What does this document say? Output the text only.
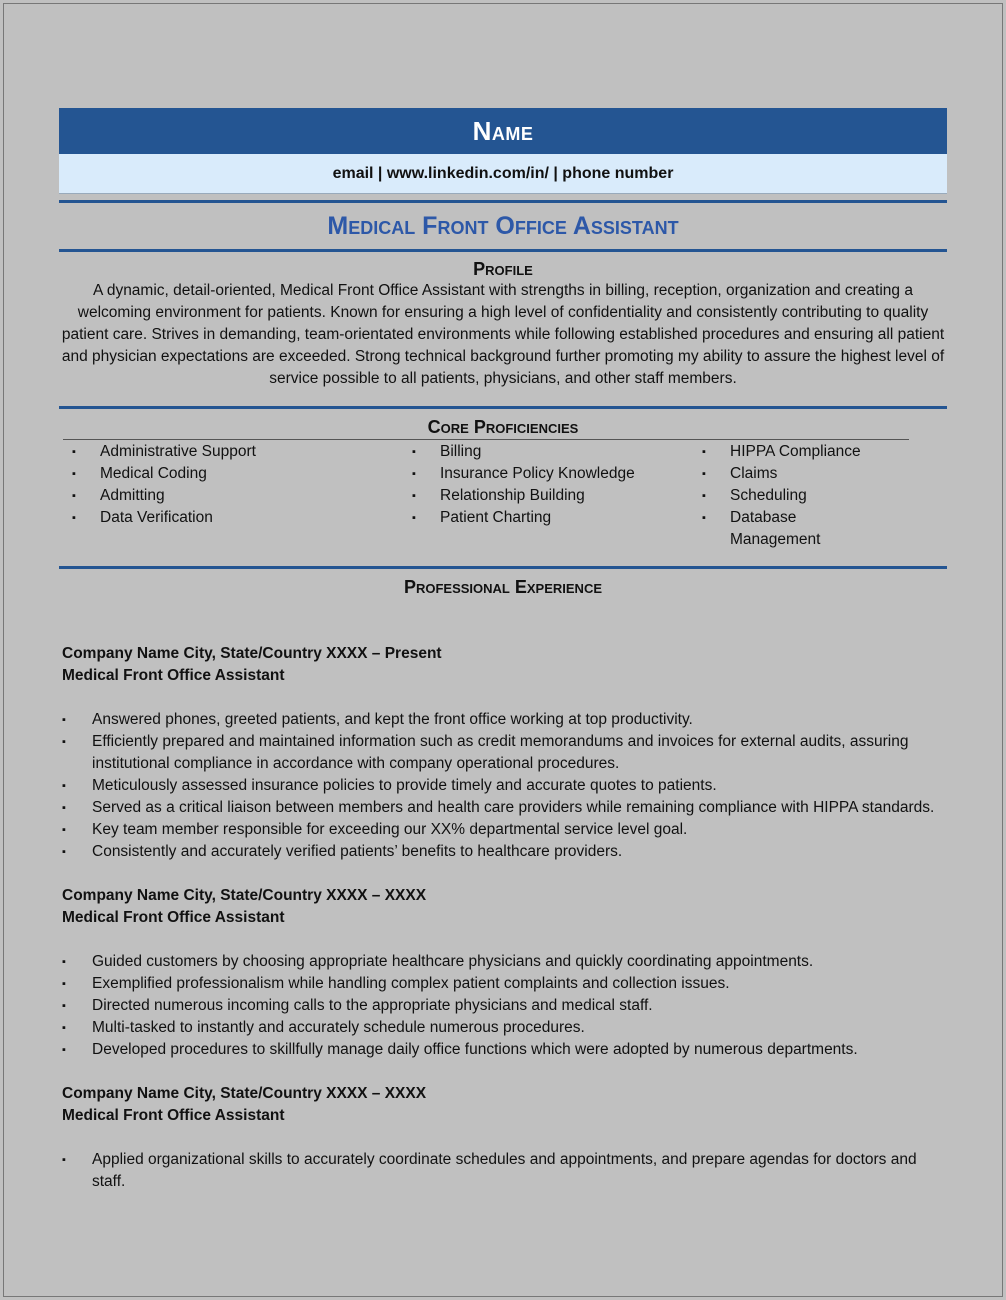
Name
email | www.linkedin.com/in/ | phone number
Medical Front Office Assistant
Profile

A dynamic, detail-oriented, Medical Front Office Assistant with strengths in billing, reception, organization and creating a welcoming environment for patients. Known for ensuring a high level of confidentiality and consistently contributing to quality patient care. Strives in demanding, team-orientated environments while following established procedures and ensuring all patient and physician expectations are exceeded. Strong technical background further promoting my ability to assure the highest level of service possible to all patients, physicians, and other staff members.

Core Proficiencies
▪ Administrative Support
▪ Medical Coding
▪ Admitting
▪ Data Verification
▪ Billing
▪ Insurance Policy Knowledge
▪ Relationship Building
▪ Patient Charting
▪ HIPPA Compliance
▪ Claims
▪ Scheduling
▪ Database Management
Professional Experience
Company Name City, State/Country XXXX – Present
Medical Front Office Assistant
▪ Answered phones, greeted patients, and kept the front office working at top productivity.
▪ Efficiently prepared and maintained information such as credit memorandums and invoices for external audits, assuring institutional compliance in accordance with company operational procedures.
▪ Meticulously assessed insurance policies to provide timely and accurate quotes to patients.
▪ Served as a critical liaison between members and health care providers while remaining compliance with HIPPA standards.
▪ Key team member responsible for exceeding our XX% departmental service level goal.
▪ Consistently and accurately verified patients’ benefits to healthcare providers.
Company Name City, State/Country XXXX – XXXX
Medical Front Office Assistant
▪ Guided customers by choosing appropriate healthcare physicians and quickly coordinating appointments.
▪ Exemplified professionalism while handling complex patient complaints and collection issues.
▪ Directed numerous incoming calls to the appropriate physicians and medical staff.
▪ Multi-tasked to instantly and accurately schedule numerous procedures.
▪ Developed procedures to skillfully manage daily office functions which were adopted by numerous departments.
Company Name City, State/Country XXXX – XXXX
Medical Front Office Assistant
▪ Applied organizational skills to accurately coordinate schedules and appointments, and prepare agendas for doctors and staff.
